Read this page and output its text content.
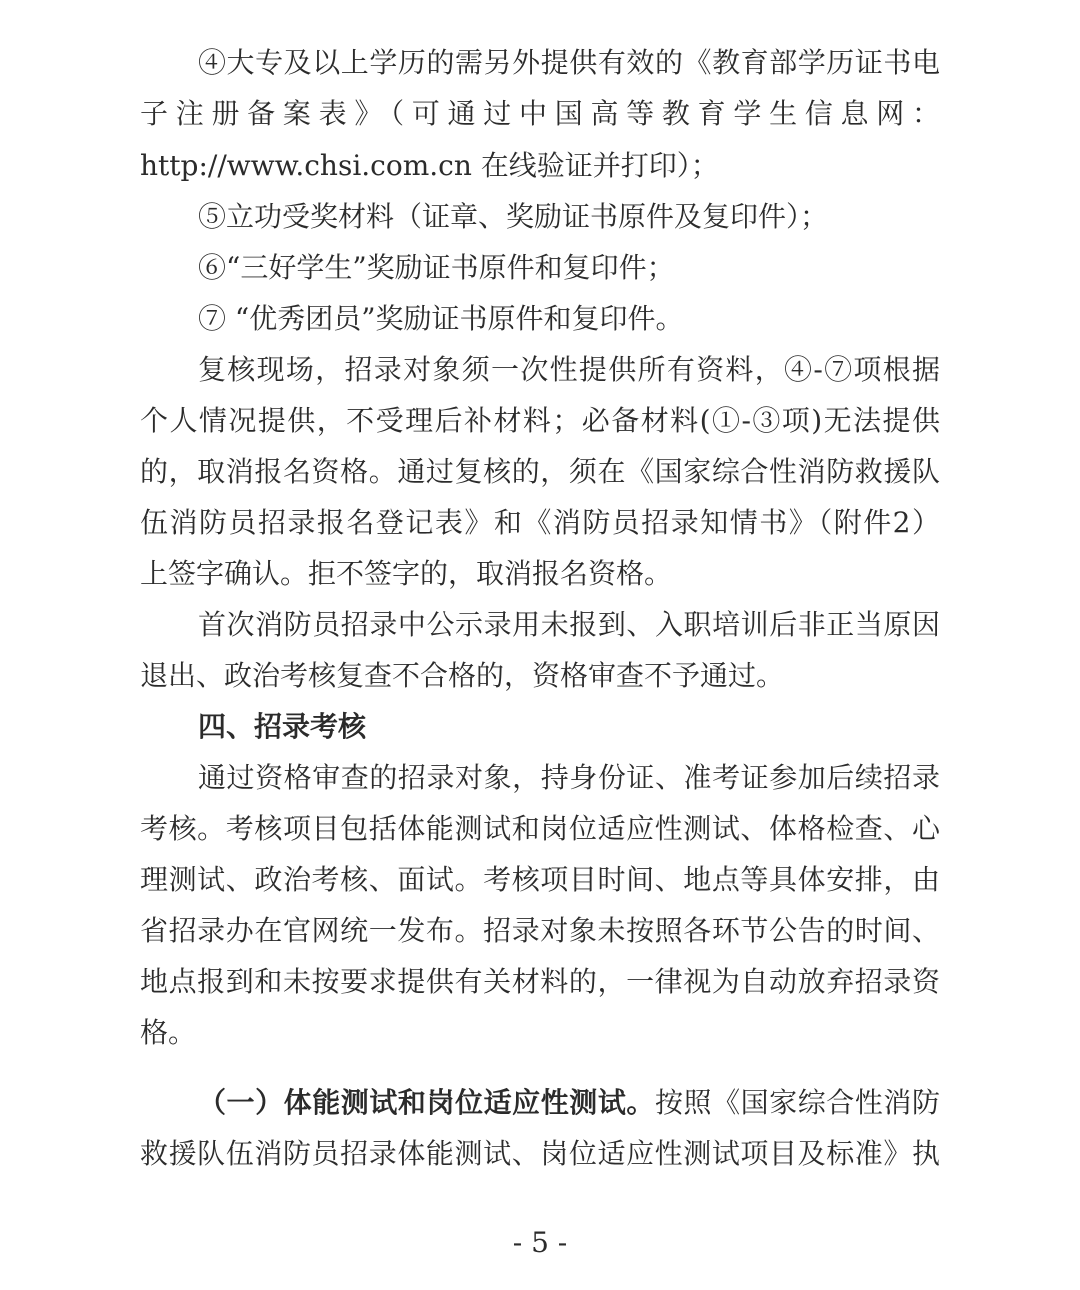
④大专及以上学历的需另外提供有效的《教育部学历证书电
子注册备案表》（可通过中国高等教育学生信息网：
http://www.chsi.com.cn 在线验证并打印）；
⑤立功受奖材料（证章、奖励证书原件及复印件）；
⑥“三好学生”奖励证书原件和复印件；
⑦ “优秀团员”奖励证书原件和复印件。
复核现场，招录对象须一次性提供所有资料，④-⑦项根据
个人情况提供，不受理后补材料；必备材料(①-③项)无法提供
的，取消报名资格。通过复核的，须在《国家综合性消防救援队
伍消防员招录报名登记表》和《消防员招录知情书》（附件2）
上签字确认。拒不签字的，取消报名资格。
首次消防员招录中公示录用未报到、入职培训后非正当原因
退出、政治考核复查不合格的，资格审查不予通过。
四、招录考核
通过资格审查的招录对象，持身份证、准考证参加后续招录
考核。考核项目包括体能测试和岗位适应性测试、体格检查、心
理测试、政治考核、面试。考核项目时间、地点等具体安排，由
省招录办在官网统一发布。招录对象未按照各环节公告的时间、
地点报到和未按要求提供有关材料的，一律视为自动放弃招录资
格。
（一）体能测试和岗位适应性测试。按照《国家综合性消防
救援队伍消防员招录体能测试、岗位适应性测试项目及标准》执
- 5 -
